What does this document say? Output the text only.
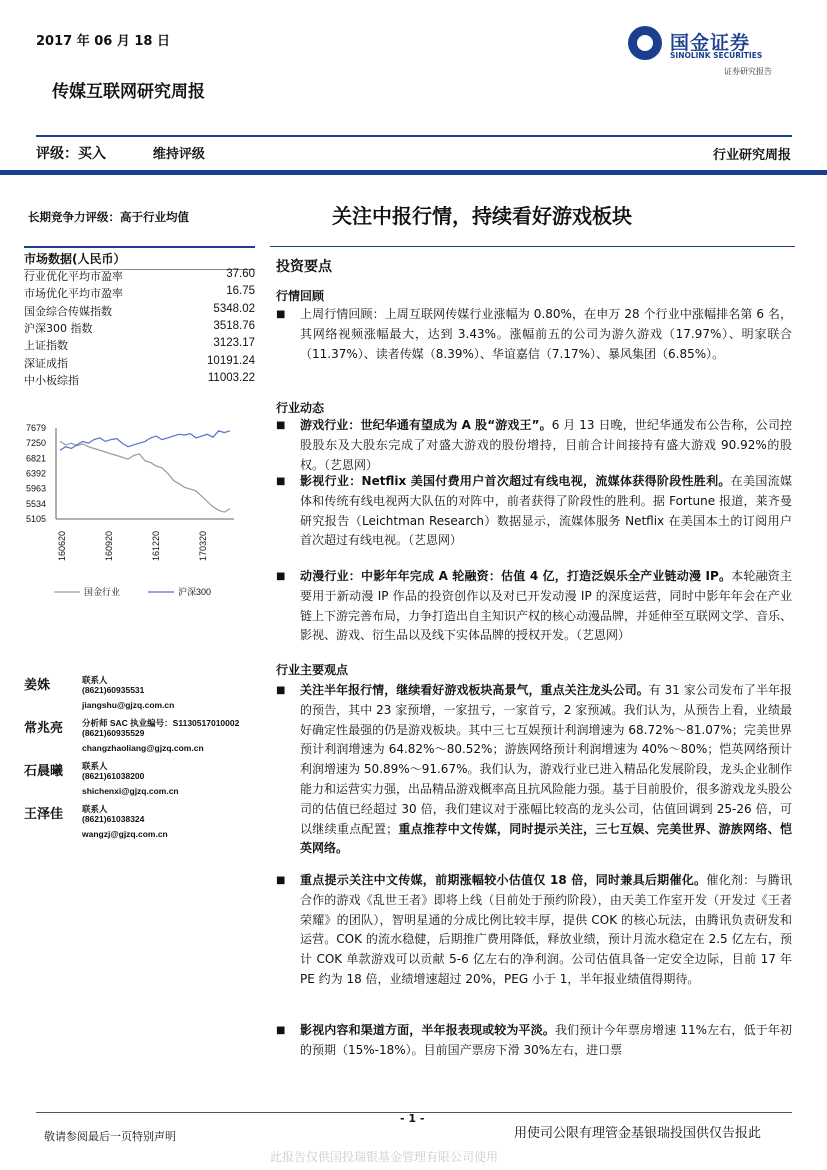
2017 年 06 月 18 日	国金证券
SINOLINK SECURITIES
证券研究报告
传媒互联网研究周报
评级：买入	维持评级	行业研究周报
长期竞争力评级：高于行业均值
市场数据(人民币）
行业优化平均市盈率	37.60
市场优化平均市盈率	16.75
国金综合传媒指数	5348.02
沪深300 指数	3518.76
上证指数	3123.17
深证成指	10191.24
中小板综指	11003.22
7679
7250
6821
6392
5963
5534
5105
160620	160920	161220	170320
国金行业	沪深300
姜姝	联系人
(8621)60935531
jiangshu@gjzq.com.cn
常兆亮 分析师 SAC 执业编号：S1130517010002
(8621)60935529
changzhaoliang@gjzq.com.cn
石晨曦 联系人
(8621)61038200
shichenxi@gjzq.com.cn
王泽佳 联系人
(8621)61038324
wangzj@gjzq.com.cn
关注中报行情，持续看好游戏板块
投资要点
行情回顾
■ 上周行情回顾：上周互联网传媒行业涨幅为 0.80%，在申万 28 个行业中涨幅排名第 6 名，其网络视频涨幅最大，达到 3.43%。涨幅前五的公司为游久游戏（17.97%）、明家联合（11.37%）、读者传媒（8.39%）、华谊嘉信（7.17%）、暴风集团（6.85%）。
行业动态
■ 游戏行业：世纪华通有望成为 A 股“游戏王”。6 月 13 日晚，世纪华通发布公告称，公司控股股东及大股东完成了对盛大游戏的股份增持，目前合计间接持有盛大游戏 90.92%的股权。（艺恩网）
■ 影视行业：Netflix 美国付费用户首次超过有线电视，流媒体获得阶段性胜利。在美国流媒体和传统有线电视两大队伍的对阵中，前者获得了阶段性的胜利。据 Fortune 报道，莱齐曼研究报告（Leichtman Research）数据显示，流媒体服务 Netflix 在美国本土的订阅用户首次超过有线电视。（艺恩网）
■ 动漫行业：中影年年完成 A 轮融资：估值 4 亿，打造泛娱乐全产业链动漫 IP。本轮融资主要用于新动漫 IP 作品的投资创作以及对已开发动漫 IP 的深度运营，同时中影年年会在产业链上下游完善布局，力争打造出自主知识产权的核心动漫品牌，并延伸至互联网文学、音乐、影视、游戏、衍生品以及线下实体品牌的授权开发。（艺恩网）
行业主要观点
■ 关注半年报行情，继续看好游戏板块高景气，重点关注龙头公司。有 31 家公司发布了半年报的预告，其中 23 家预增，一家扭亏，一家首亏，2 家预减。我们认为，从预告上看，业绩最好确定性最强的仍是游戏板块。其中三七互娱预计利润增速为 68.72%～81.07%；完美世界预计利润增速为 64.82%～80.52%；游族网络预计利润增速为 40%～80%；恺英网络预计利润增速为 50.89%～91.67%。我们认为，游戏行业已进入精品化发展阶段，龙头企业制作能力和运营实力强，出品精品游戏概率高且抗风险能力强。基于目前股价，很多游戏龙头股公司的估值已经超过 30 倍，我们建议对于涨幅比较高的龙头公司，估值回调到 25-26 倍，可以继续重点配置；重点推荐中文传媒，同时提示关注，三七互娱、完美世界、游族网络、恺英网络。
■ 重点提示关注中文传媒，前期涨幅较小估值仅 18 倍，同时兼具后期催化。催化剂：与腾讯合作的游戏《乱世王者》即将上线（目前处于预约阶段），由天美工作室开发（开发过《王者荣耀》的团队），智明星通的分成比例比较丰厚，提供 COK 的核心玩法，由腾讯负责研发和运营。COK 的流水稳健，后期推广费用降低，释放业绩，预计月流水稳定在 2.5 亿左右，预计 COK 单款游戏可以贡献 5-6 亿左右的净利润。公司估值具备一定安全边际，目前 17 年 PE 约为 18 倍，业绩增速超过 20%，PEG 小于 1，半年报业绩值得期待。
■ 影视内容和渠道方面，半年报表现或较为平淡。我们预计今年票房增速 11%左右，低于年初的预期（15%-18%）。目前国产票房下滑 30%左右，进口票
- 1 -
敬请参阅最后一页特别声明	用使司公限有理管金基银瑞投国供仅告报此
此报告仅供国投瑞银基金管理有限公司使用
